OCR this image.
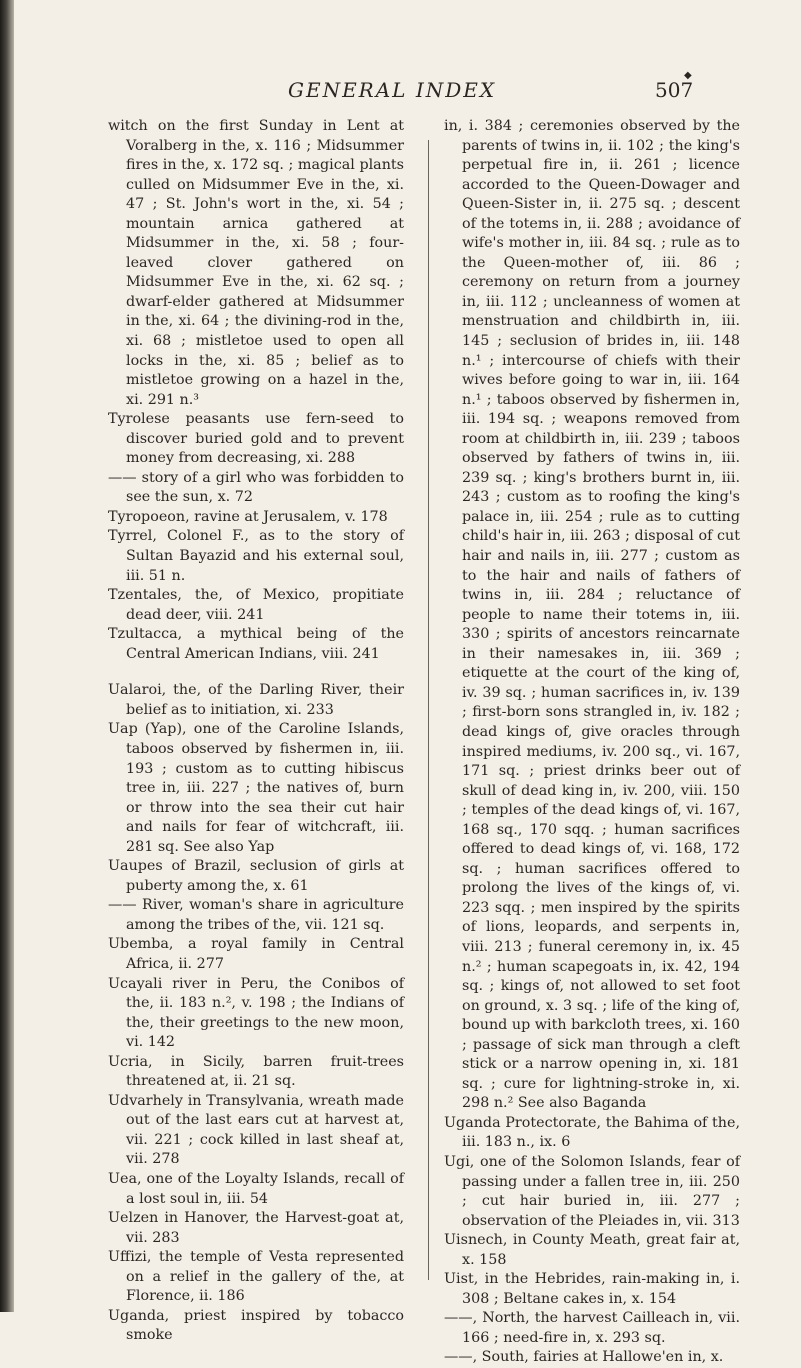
GENERAL INDEX
◆
507

witch on the first Sunday in Lent at Voralberg in the, x. 116 ; Midsummer fires in the, x. 172 sq. ; magical plants culled on Midsummer Eve in the, xi. 47 ; St. John's wort in the, xi. 54 ; mountain arnica gathered at Midsummer in the, xi. 58 ; four-leaved clover gathered on Midsummer Eve in the, xi. 62 sq. ; dwarf-elder gathered at Midsummer in the, xi. 64 ; the divining-rod in the, xi. 68 ; mistletoe used to open all locks in the, xi. 85 ; belief as to mistletoe growing on a hazel in the, xi. 291 n.³

Tyrolese peasants use fern-seed to discover buried gold and to prevent money from decreasing, xi. 288

—— story of a girl who was forbidden to see the sun, x. 72

Tyropoeon, ravine at Jerusalem, v. 178

Tyrrel, Colonel F., as to the story of Sultan Bayazid and his external soul, iii. 51 n.

Tzentales, the, of Mexico, propitiate dead deer, viii. 241

Tzultacca, a mythical being of the Central American Indians, viii. 241

Ualaroi, the, of the Darling River, their belief as to initiation, xi. 233

Uap (Yap), one of the Caroline Islands, taboos observed by fishermen in, iii. 193 ; custom as to cutting hibiscus tree in, iii. 227 ; the natives of, burn or throw into the sea their cut hair and nails for fear of witchcraft, iii. 281 sq. See also Yap

Uaupes of Brazil, seclusion of girls at puberty among the, x. 61

—— River, woman's share in agriculture among the tribes of the, vii. 121 sq.

Ubemba, a royal family in Central Africa, ii. 277

Ucayali river in Peru, the Conibos of the, ii. 183 n.², v. 198 ; the Indians of the, their greetings to the new moon, vi. 142

Ucria, in Sicily, barren fruit-trees threatened at, ii. 21 sq.

Udvarhely in Transylvania, wreath made out of the last ears cut at harvest at, vii. 221 ; cock killed in last sheaf at, vii. 278

Uea, one of the Loyalty Islands, recall of a lost soul in, iii. 54

Uelzen in Hanover, the Harvest-goat at, vii. 283

Uffizi, the temple of Vesta represented on a relief in the gallery of the, at Florence, ii. 186

Uganda, priest inspired by tobacco smoke

in, i. 384 ; ceremonies observed by the parents of twins in, ii. 102 ; the king's perpetual fire in, ii. 261 ; licence accorded to the Queen-Dowager and Queen-Sister in, ii. 275 sq. ; descent of the totems in, ii. 288 ; avoidance of wife's mother in, iii. 84 sq. ; rule as to the Queen-mother of, iii. 86 ; ceremony on return from a journey in, iii. 112 ; uncleanness of women at menstruation and childbirth in, iii. 145 ; seclusion of brides in, iii. 148 n.¹ ; intercourse of chiefs with their wives before going to war in, iii. 164 n.¹ ; taboos observed by fishermen in, iii. 194 sq. ; weapons removed from room at childbirth in, iii. 239 ; taboos observed by fathers of twins in, iii. 239 sq. ; king's brothers burnt in, iii. 243 ; custom as to roofing the king's palace in, iii. 254 ; rule as to cutting child's hair in, iii. 263 ; disposal of cut hair and nails in, iii. 277 ; custom as to the hair and nails of fathers of twins in, iii. 284 ; reluctance of people to name their totems in, iii. 330 ; spirits of ancestors reincarnate in their namesakes in, iii. 369 ; etiquette at the court of the king of, iv. 39 sq. ; human sacrifices in, iv. 139 ; first-born sons strangled in, iv. 182 ; dead kings of, give oracles through inspired mediums, iv. 200 sq., vi. 167, 171 sq. ; priest drinks beer out of skull of dead king in, iv. 200, viii. 150 ; temples of the dead kings of, vi. 167, 168 sq., 170 sqq. ; human sacrifices offered to dead kings of, vi. 168, 172 sq. ; human sacrifices offered to prolong the lives of the kings of, vi. 223 sqq. ; men inspired by the spirits of lions, leopards, and serpents in, viii. 213 ; funeral ceremony in, ix. 45 n.² ; human scapegoats in, ix. 42, 194 sq. ; kings of, not allowed to set foot on ground, x. 3 sq. ; life of the king of, bound up with barkcloth trees, xi. 160 ; passage of sick man through a cleft stick or a narrow opening in, xi. 181 sq. ; cure for lightning-stroke in, xi. 298 n.² See also Baganda

Uganda Protectorate, the Bahima of the, iii. 183 n., ix. 6

Ugi, one of the Solomon Islands, fear of passing under a fallen tree in, iii. 250 ; cut hair buried in, iii. 277 ; observation of the Pleiades in, vii. 313

Uisnech, in County Meath, great fair at, x. 158

Uist, in the Hebrides, rain-making in, i. 308 ; Beltane cakes in, x. 154

——, North, the harvest Cailleach in, vii. 166 ; need-fire in, x. 293 sq.

——, South, fairies at Hallowe'en in, x.
